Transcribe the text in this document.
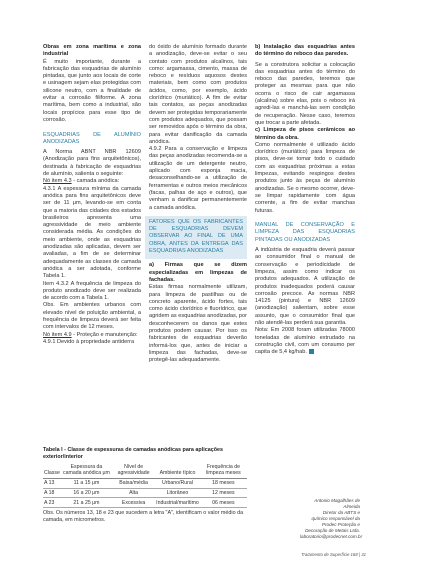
Obras em zona marítima e zona industrial

É muito importante, durante a fabricação das esquadrias de alumínio pintadas, que junto aos locais de corte e usinagem sejam elas protegidas com silicone neutro, com a finalidade de evitar a corrosão filiforme. A zona marítima, bem como a industrial, são locais propícios para esse tipo de corrosão.

ESQUADRIAS DE ALUMÍNIO ANODIZADAS

A Norma ABNT NBR 12609 (Anodização para fins arquitetônicos), destinada à fabricação de esquadrias de alumínio, salienta o seguinte:

Nó item 4.3 - camada anódica:

4.3.1 A espessura mínima da camada anódica para fins arquitetônicos deve ser de 11 μm, levando-se em conta que a maioria das cidades dos estados brasileiros apresenta uma agressividade de meio ambiente considerada média. As condições do meio ambiente, onde as esquadrias anodizadas são aplicadas, devem ser avaliadas, a fim de se determinar adequadamente as classes de camada anódica a ser adotada, conforme Tabela 1.

Item 4.3.2 A frequência de limpeza do produto anodizado deve ser realizada de acordo com a Tabela 1.

Obs. Em ambientes urbanos com elevado nível de poluição ambiental, a frequência de limpeza deverá ser feita com intervalos de 12 meses.

Nó item 4.9 - Proteção e manutenção:

4.9.1 Devido à propriedade antiderra

do óxido de alumínio formado durante a anodização, deve-se evitar o seu contato com produtos alcalinos, tais como: argamassa, cimento, massa de reboco e resíduos aquosos destes materiais, bem como com produtos ácidos, como, por exemplo, ácido clorídrico (muriático). A fim de evitar tais contatos, as peças anodizadas devem ser protegidas temporariamente com produtos adequados, que possam ser removidos após o término da obra, para evitar danificação da camada anódica.

4.9.2 Para a conservação e limpeza das peças anodizadas recomenda-se a utilização de um detergente neutro, aplicado com esponja macia, desaconselhando-se a utilização de ferramentas e outros meios mecânicos (facas, palhas de aço e outros), que venham a danificar permanentemente a camada anódica.

FATORES QUE OS FABRICANTES DE ESQUADRIAS DEVEM OBSERVAR AO FINAL DE UMA OBRA, ANTES DA ENTREGA DAS ESQUADRIAS ANODIZADAS

a) Firmas que se dizem especializadas em limpezas de fachadas.

Estas firmas normalmente utilizam, para limpeza de pastilhas ou de concreto aparente, ácido fortes, tais como ácido clorídrico e fluorídrico, que agridem as esquadrias anodizadas, por desconhecerem os danos que estes produtos podem causar. Por isso os fabricantes de esquadrias deverão informá-los que, antes de iniciar a limpeza das fachadas, deve-se protegê-las adequadamente.

b) Instalação das esquadrias antes do término do reboco das paredes.

Se a construtora solicitar a colocação das esquadrias antes do término do reboco das paredes, teremos que proteger as mesmas para que não ocorra o risco de cair argamassa (alcalina) sobre elas, pois o reboco irá agredi-las e manchá-las sem condição de recuperação. Nesse caso, teremos que trocar a parte afetada.

c) Limpeza de pisos cerâmicos ao término da obra.

Como normalmente é utilizado ácido clorídrico (muriático) para limpeza de pisos, deve-se tomar todo o cuidado com as esquadrias próximas a estas limpezas, evitando respingos destes produtos junto às peças de alumínio anodizadas. Se o mesmo ocorrer, deve-se limpar rapidamente com água corrente, a fim de evitar manchas futuras.

MANUAL DE CONSERVAÇÃO E LIMPEZA DAS ESQUADRIAS PINTADAS OU ANODIZADAS

A indústria de esquadria deverá passar ao consumidor final o manual de conservação e periodicidade de limpeza, assim como indicar os produtos adequados. A utilização de produtos inadequados poderá causar corrosão precoce. As normas NBR 14125 (pintura) e NBR 12609 (anodização) salientam, sobre esse assunto, que o consumidor final que não atendê-las perderá sua garantia.

Nota: Em 2008 foram utilizadas 78000 toneladas de alumínio extrudado na construção civil, com um consumo per capita de 5,4 kg/hab.

Tabela I - Classe de espessuras de camadas anódicas para aplicações exterior/interior
Classe	Espessura da camada anódica μm	Nível de agressividade	Ambiente típico	Frequência de limpeza meses
A 13	11 a 15 μm	Baixa/média	Urbano/Rural	18 meses
A 18	16 a 20 μm	Alta	Litorâneo	12 meses
A 23	21 a 25 μm	Excessiva	Industrial/marítimo	06 meses
Obs. Os números 13, 18 e 23 que sucedem a letra "A", identificam o valor médio da camada, em micrometros.
Antonio Magalhães de Almeida
Diretor da ABTS e
químico responsável da Prodec Proteção e Decoração de Metais Ltda.
laboratorio@prodecnet.com.br
Tratamento de Superfície 168 | 31
